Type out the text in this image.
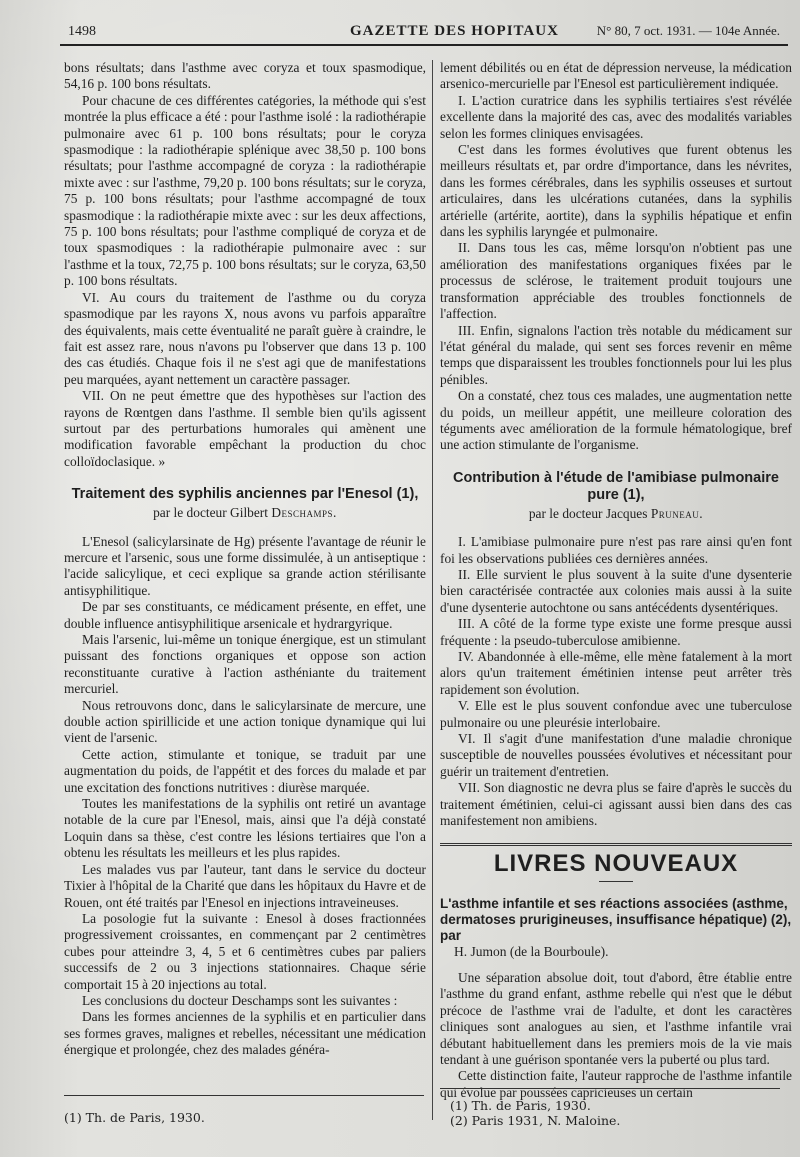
1498	GAZETTE DES HOPITAUX	N° 80, 7 oct. 1931. — 104e Année.

bons résultats; dans l'asthme avec coryza et toux spasmodique, 54,16 p. 100 bons résultats.

Pour chacune de ces différentes catégories, la méthode qui s'est montrée la plus efficace a été : pour l'asthme isolé : la radiothérapie pulmonaire avec 61 p. 100 bons résultats; pour le coryza spasmodique : la radiothérapie splénique avec 38,50 p. 100 bons résultats; pour l'asthme accompagné de coryza : la radiothérapie mixte avec : sur l'asthme, 79,20 p. 100 bons résultats; sur le coryza, 75 p. 100 bons résultats; pour l'asthme accompagné de toux spasmodique : la radiothérapie mixte avec : sur les deux affections, 75 p. 100 bons résultats; pour l'asthme compliqué de coryza et de toux spasmodiques : la radiothérapie pulmonaire avec : sur l'asthme et la toux, 72,75 p. 100 bons résultats; sur le coryza, 63,50 p. 100 bons résultats.

VI. Au cours du traitement de l'asthme ou du coryza spasmodique par les rayons X, nous avons vu parfois apparaître des équivalents, mais cette éventualité ne paraît guère à craindre, le fait est assez rare, nous n'avons pu l'observer que dans 13 p. 100 des cas étudiés. Chaque fois il ne s'est agi que de manifestations peu marquées, ayant nettement un caractère passager.

VII. On ne peut émettre que des hypothèses sur l'action des rayons de Rœntgen dans l'asthme. Il semble bien qu'ils agissent surtout par des perturbations humorales qui amènent une modification favorable empêchant la production du choc colloïdoclasique. »

Traitement des syphilis anciennes par l'Enesol (1),
par le docteur Gilbert Deschamps.

L'Enesol (salicylarsinate de Hg) présente l'avantage de réunir le mercure et l'arsenic, sous une forme dissimulée, à un antiseptique : l'acide salicylique, et ceci explique sa grande action stérilisante antisyphilitique.

De par ses constituants, ce médicament présente, en effet, une double influence antisyphilitique arsenicale et hydrargyrique.

Mais l'arsenic, lui-même un tonique énergique, est un stimulant puissant des fonctions organiques et oppose son action reconstituante curative à l'action asthéniante du traitement mercuriel.

Nous retrouvons donc, dans le salicylarsinate de mercure, une double action spirillicide et une action tonique dynamique qui lui vient de l'arsenic.

Cette action, stimulante et tonique, se traduit par une augmentation du poids, de l'appétit et des forces du malade et par une excitation des fonctions nutritives : diurèse marquée.

Toutes les manifestations de la syphilis ont retiré un avantage notable de la cure par l'Enesol, mais, ainsi que l'a déjà constaté Loquin dans sa thèse, c'est contre les lésions tertiaires que l'on a obtenu les résultats les meilleurs et les plus rapides.

Les malades vus par l'auteur, tant dans le service du docteur Tixier à l'hôpital de la Charité que dans les hôpitaux du Havre et de Rouen, ont été traités par l'Enesol en injections intraveineuses.

La posologie fut la suivante : Enesol à doses fractionnées progressivement croissantes, en commençant par 2 centimètres cubes pour atteindre 3, 4, 5 et 6 centimètres cubes par paliers successifs de 2 ou 3 injections stationnaires. Chaque série comportait 15 à 20 injections au total.

Les conclusions du docteur Deschamps sont les suivantes :

Dans les formes anciennes de la syphilis et en particulier dans ses formes graves, malignes et rebelles, nécessitant une médication énergique et prolongée, chez des malades généra-

lement débilités ou en état de dépression nerveuse, la médication arsenico-mercurielle par l'Enesol est particulièrement indiquée.

I. L'action curatrice dans les syphilis tertiaires s'est révélée excellente dans la majorité des cas, avec des modalités variables selon les formes cliniques envisagées.

C'est dans les formes évolutives que furent obtenus les meilleurs résultats et, par ordre d'importance, dans les névrites, dans les formes cérébrales, dans les syphilis osseuses et surtout articulaires, dans les ulcérations cutanées, dans la syphilis artérielle (artérite, aortite), dans la syphilis hépatique et enfin dans les syphilis laryngée et pulmonaire.

II. Dans tous les cas, même lorsqu'on n'obtient pas une amélioration des manifestations organiques fixées par le processus de sclérose, le traitement produit toujours une transformation appréciable des troubles fonctionnels de l'affection.

III. Enfin, signalons l'action très notable du médicament sur l'état général du malade, qui sent ses forces revenir en même temps que disparaissent les troubles fonctionnels pour lui les plus pénibles.

On a constaté, chez tous ces malades, une augmentation nette du poids, un meilleur appétit, une meilleure coloration des téguments avec amélioration de la formule hématologique, bref une action stimulante de l'organisme.

Contribution à l'étude de l'amibiase pulmonaire pure (1),
par le docteur Jacques Pruneau.

I. L'amibiase pulmonaire pure n'est pas rare ainsi qu'en font foi les observations publiées ces dernières années.

II. Elle survient le plus souvent à la suite d'une dysenterie bien caractérisée contractée aux colonies mais aussi à la suite d'une dysenterie autochtone ou sans antécédents dysentériques.

III. A côté de la forme type existe une forme presque aussi fréquente : la pseudo-tuberculose amibienne.

IV. Abandonnée à elle-même, elle mène fatalement à la mort alors qu'un traitement émétinien intense peut arrêter très rapidement son évolution.

V. Elle est le plus souvent confondue avec une tuberculose pulmonaire ou une pleurésie interlobaire.

VI. Il s'agit d'une manifestation d'une maladie chronique susceptible de nouvelles poussées évolutives et nécessitant pour guérir un traitement d'entretien.

VII. Son diagnostic ne devra plus se faire d'après le succès du traitement émétinien, celui-ci agissant aussi bien dans des cas manifestement non amibiens.

LIVRES NOUVEAUX
L'asthme infantile et ses réactions associées (asthme, dermatoses prurigineuses, insuffisance hépatique) (2), par
H. Jumon (de la Bourboule).

Une séparation absolue doit, tout d'abord, être établie entre l'asthme du grand enfant, asthme rebelle qui n'est que le début précoce de l'asthme vrai de l'adulte, et dont les caractères cliniques sont analogues au sien, et l'asthme infantile vrai débutant habituellement dans les premiers mois de la vie mais tendant à une guérison spontanée vers la puberté ou plus tard.

Cette distinction faite, l'auteur rapproche de l'asthme infantile qui évolue par poussées capricieuses un certain

(1) Th. de Paris, 1930.
(1) Th. de Paris, 1930.
(2) Paris 1931, N. Maloine.
